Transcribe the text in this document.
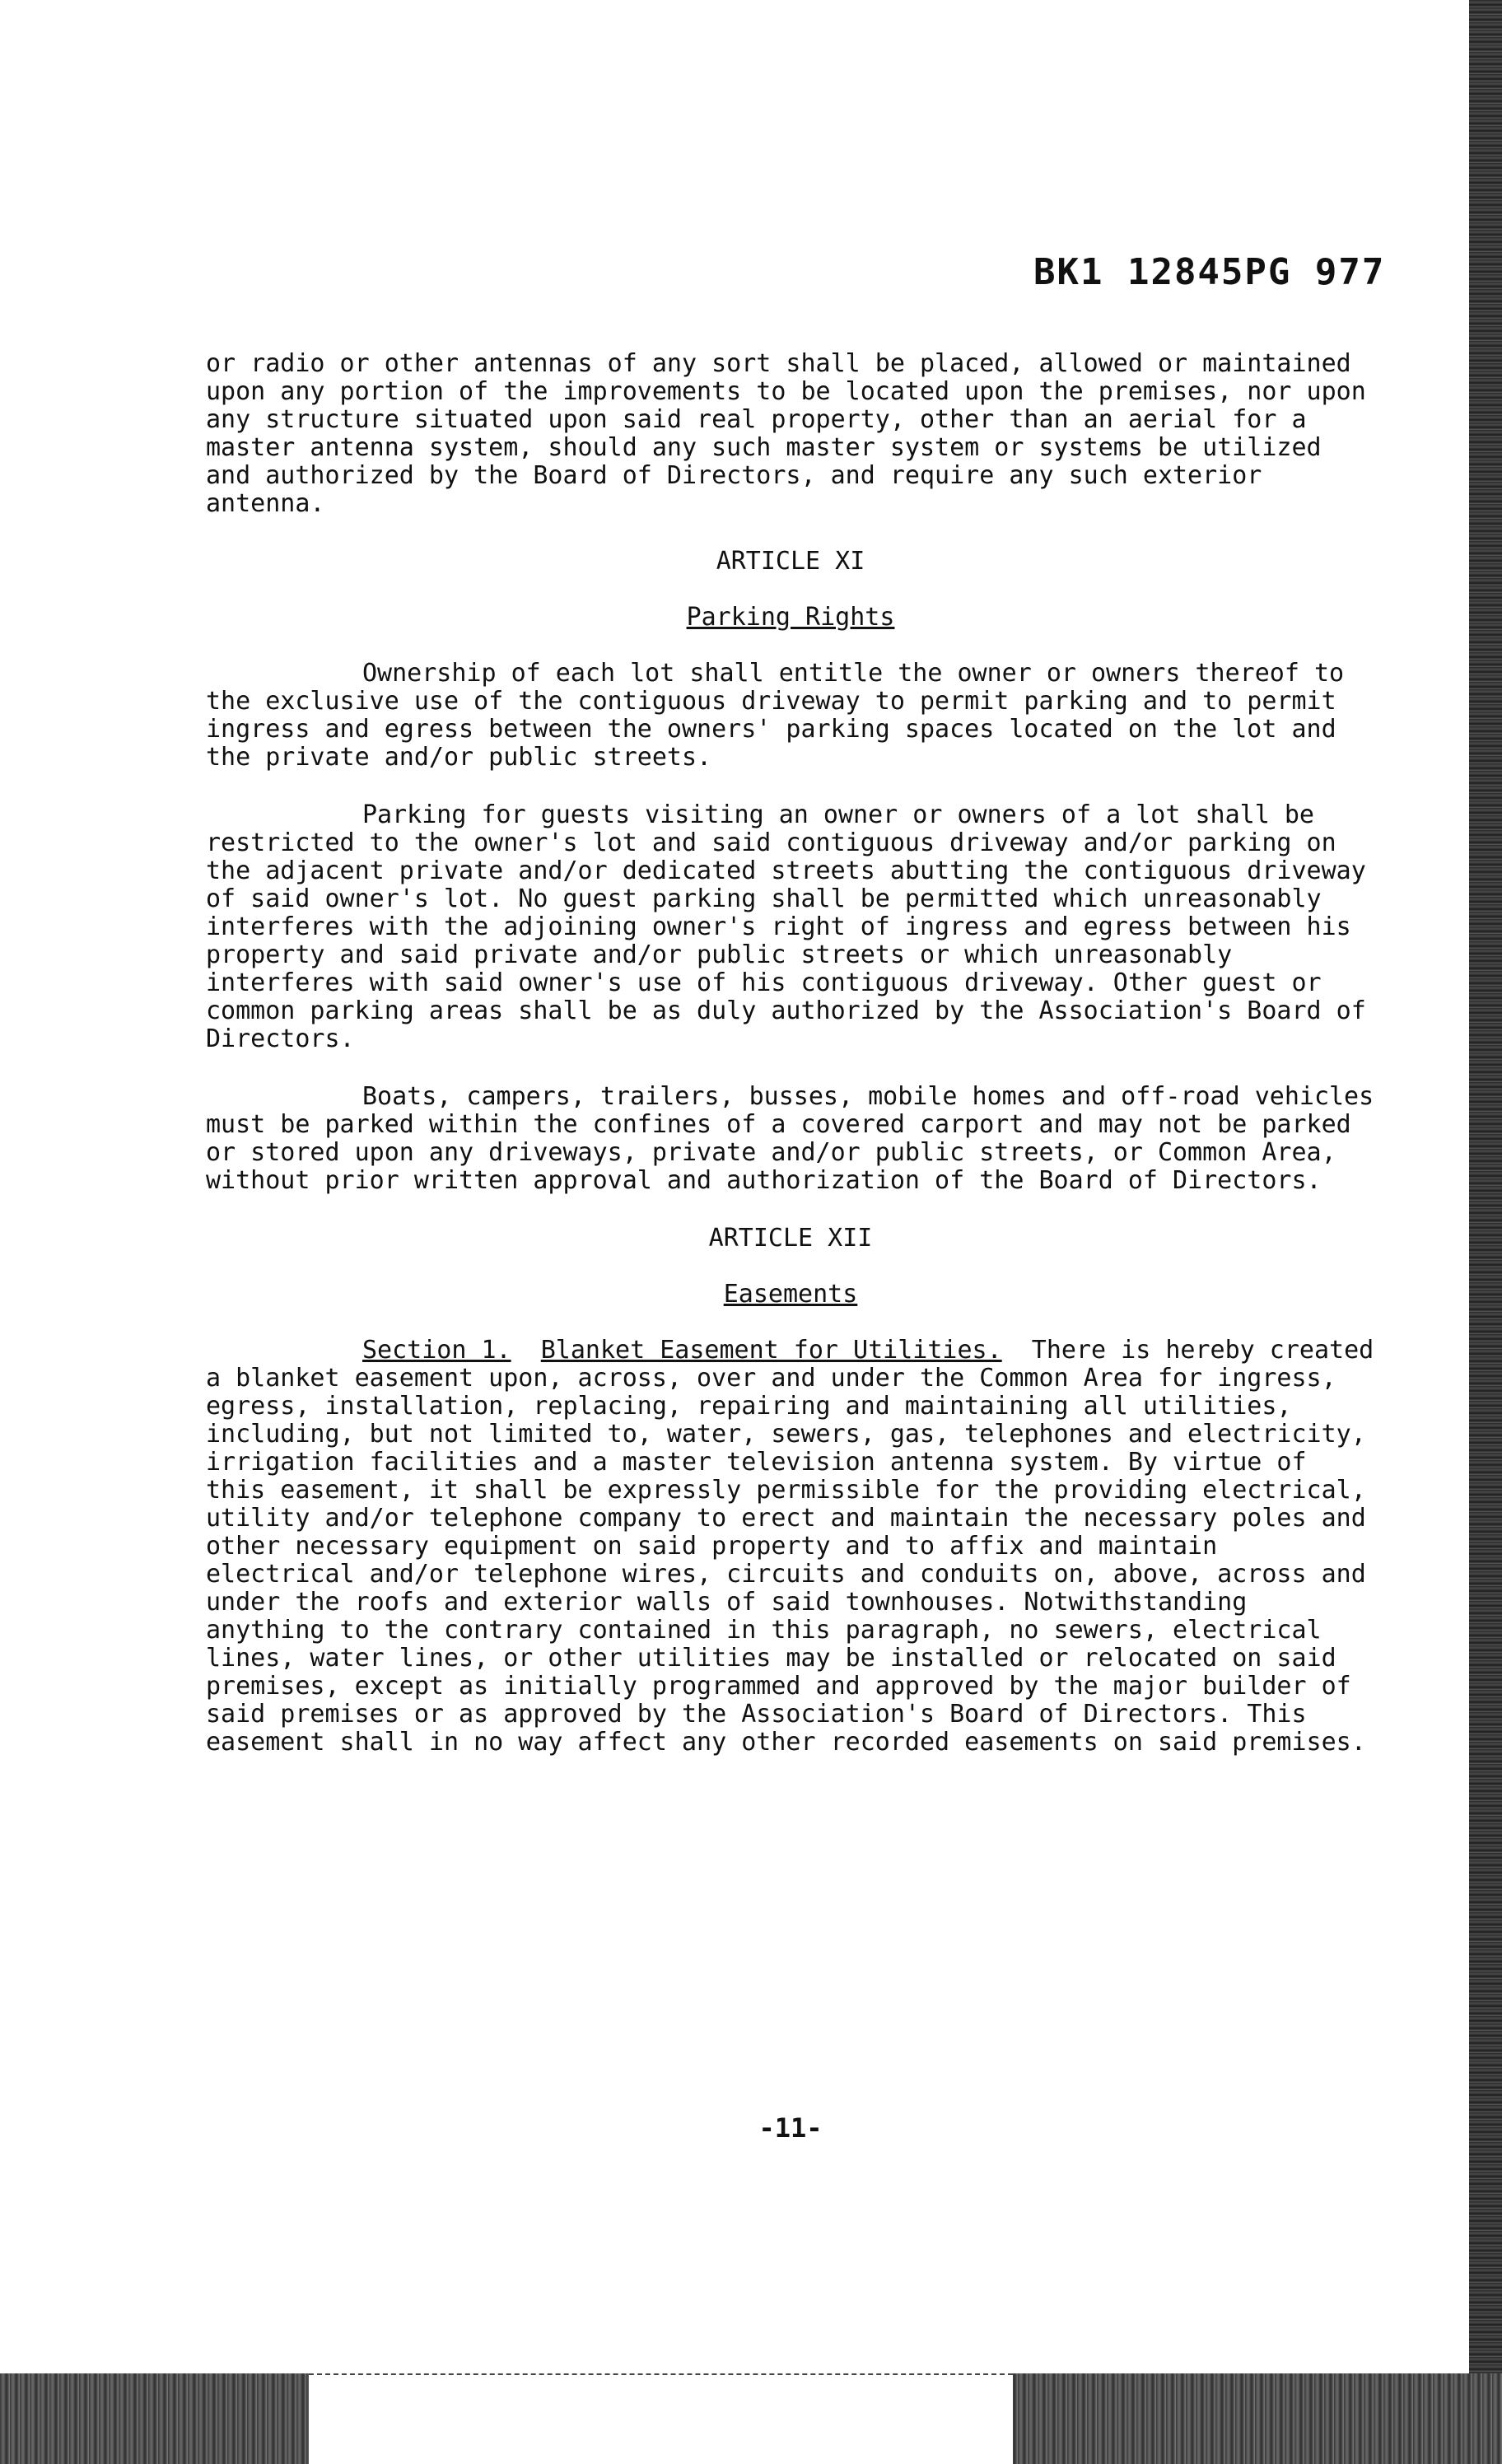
BK1 12845PG 977

or radio or other antennas of any sort shall be placed, allowed or maintained upon any portion of the improvements to be located upon the premises, nor upon any structure situated upon said real property, other than an aerial for a master antenna system, should any such master system or systems be utilized and authorized by the Board of Directors, and require any such exterior antenna.

ARTICLE XI

Parking Rights

Ownership of each lot shall entitle the owner or owners thereof to the exclusive use of the contiguous driveway to permit parking and to permit ingress and egress between the owners' parking spaces located on the lot and the private and/or public streets.

Parking for guests visiting an owner or owners of a lot shall be restricted to the owner's lot and said contiguous driveway and/or parking on the adjacent private and/or dedicated streets abutting the contiguous driveway of said owner's lot. No guest parking shall be permitted which unreasonably interferes with the adjoining owner's right of ingress and egress between his property and said private and/or public streets or which unreasonably interferes with said owner's use of his contiguous driveway. Other guest or common parking areas shall be as duly authorized by the Association's Board of Directors.

Boats, campers, trailers, busses, mobile homes and off-road vehicles must be parked within the confines of a covered carport and may not be parked or stored upon any driveways, private and/or public streets, or Common Area, without prior written approval and authorization of the Board of Directors.

ARTICLE XII

Easements

Section 1. Blanket Easement for Utilities. There is hereby created a blanket easement upon, across, over and under the Common Area for ingress, egress, installation, replacing, repairing and maintaining all utilities, including, but not limited to, water, sewers, gas, telephones and electricity, irrigation facilities and a master television antenna system. By virtue of this easement, it shall be expressly permissible for the providing electrical, utility and/or telephone company to erect and maintain the necessary poles and other necessary equipment on said property and to affix and maintain electrical and/or telephone wires, circuits and conduits on, above, across and under the roofs and exterior walls of said townhouses. Notwithstanding anything to the contrary contained in this paragraph, no sewers, electrical lines, water lines, or other utilities may be installed or relocated on said premises, except as initially programmed and approved by the major builder of said premises or as approved by the Association's Board of Directors. This easement shall in no way affect any other recorded easements on said premises.

-11-
